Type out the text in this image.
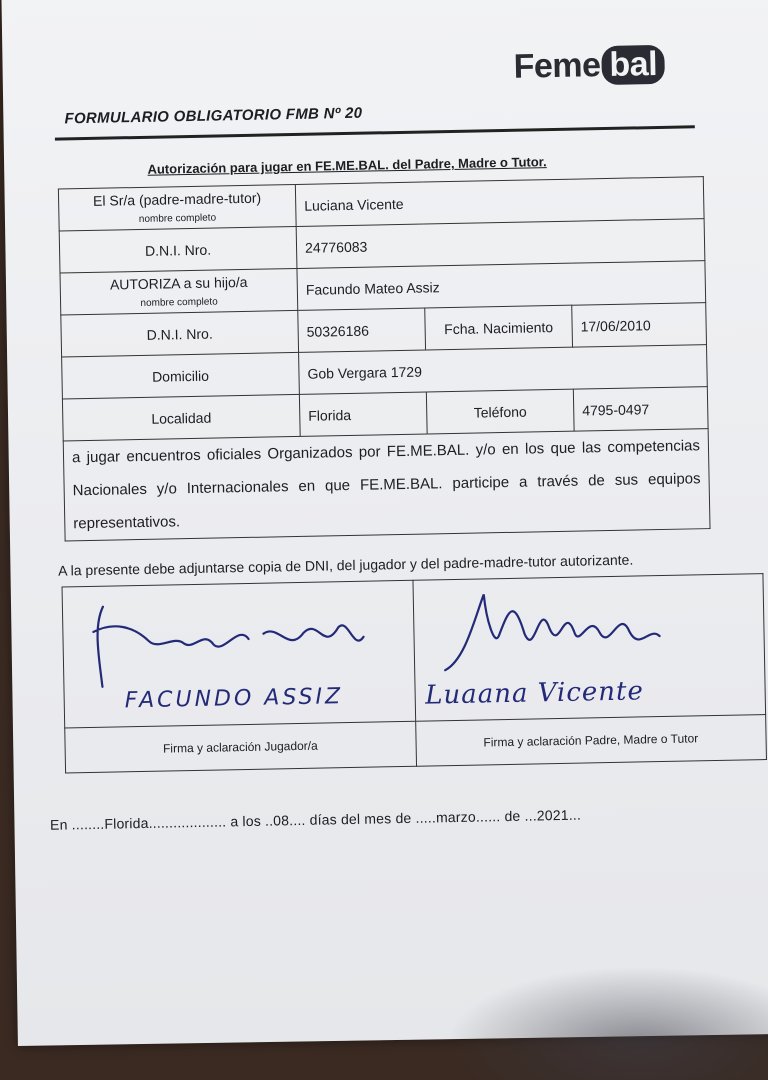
Feme bal
FORMULARIO OBLIGATORIO FMB Nº 20
Autorización para jugar en FE.ME.BAL. del Padre, Madre o Tutor.
El Sr/a (padre-madre-tutor)
nombre completo	Luciana Vicente		
D.N.I. Nro.	24776083		

AUTORIZA a su hijo/a
nombre completo	Facundo Mateo Assiz		
D.N.I. Nro.	50326186	Fcha. Nacimiento	17/06/2010
Domicilio	Gob Vergara 1729		
Localidad	Florida	Teléfono	4795-0497
a jugar encuentros oficiales Organizados por FE.ME.BAL. y/o en los que las competencias Nacionales y/o Internacionales en que FE.ME.BAL. participe a través de sus equipos representativos.			
A la presente debe adjuntarse copia de DNI, del jugador y del padre-madre-tutor autorizante.
FACUNDO ASSIZ	Luaana Vicente

Firma y aclaración Jugador/a	Firma y aclaración Padre, Madre o Tutor
En ........Florida................... a los ..08.... días del mes de .....marzo...... de ...2021...
